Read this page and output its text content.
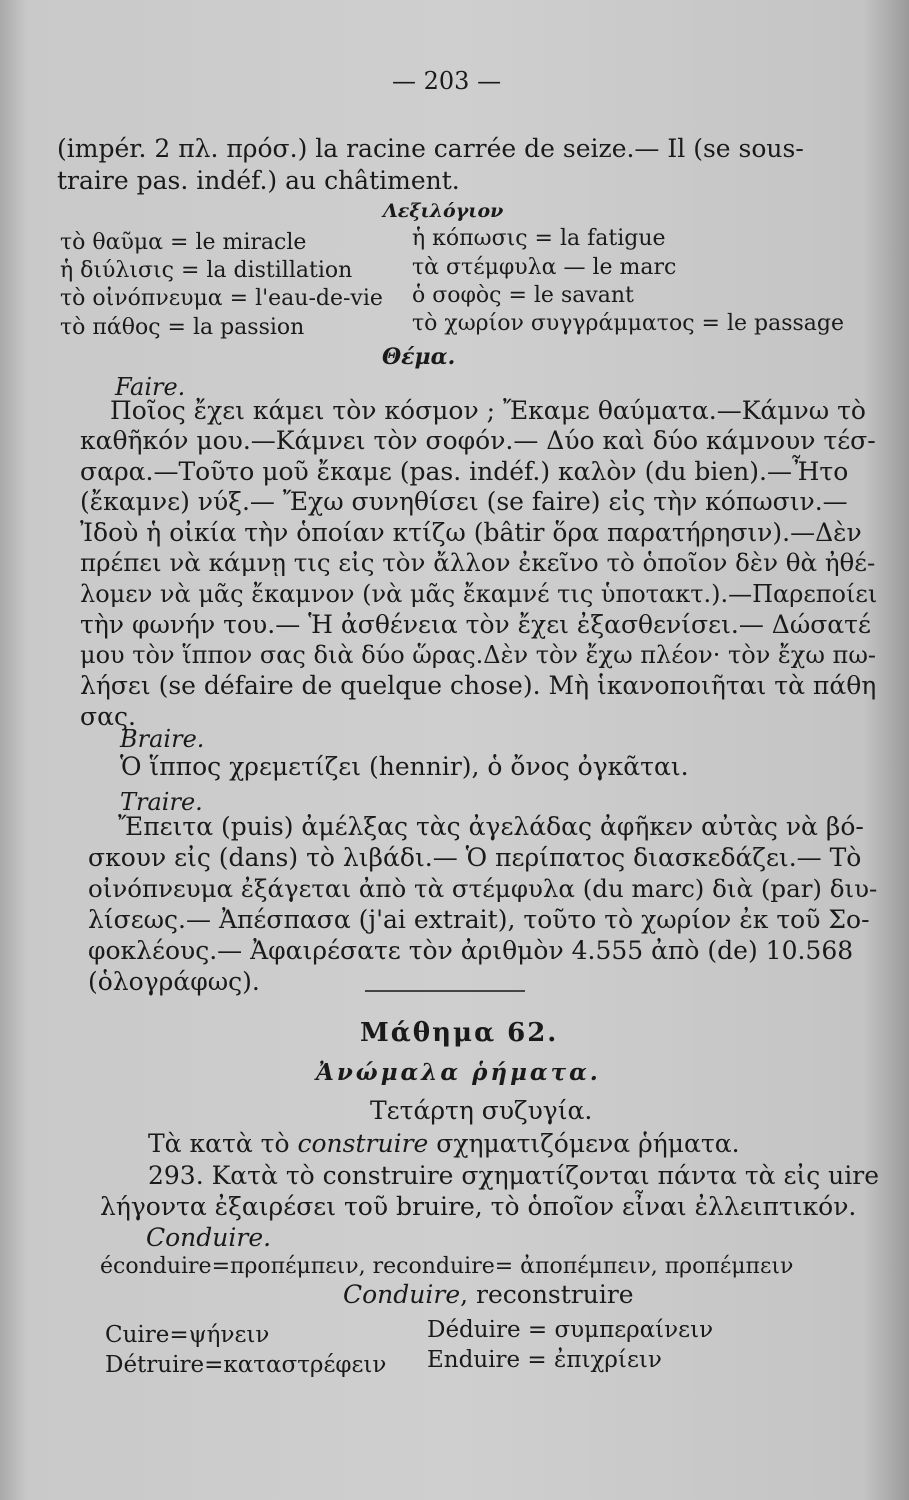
— 203 —
(impér. 2 πλ. πρόσ.) la racine carrée de seize.— Il (se sous-
traire pas. indéf.) au châtiment.
Λεξιλόγιον
τὸ θαῦμα = le miracle
ἡ διύλισις = la distillation
τὸ οἰνόπνευμα = l'eau-de-vie
τὸ πάθος = la passion
ἡ κόπωσις = la fatigue
τὰ στέμφυλα — le marc
ὁ σοφὸς = le savant
τὸ χωρίον συγγράμματος = le passage
Θέμα.
Faire.
Ποῖος ἔχει κάμει τὸν κόσμον ; Ἔκαμε θαύματα.—Κάμνω τὸ
καθῆκόν μου.—Κάμνει τὸν σοφόν.— Δύο καὶ δύο κάμνουν τέσ-
σαρα.—Τοῦτο μοῦ ἔκαμε (pas. indéf.) καλὸν (du bien).—Ἦτο
(ἔκαμνε) νύξ.— Ἔχω συνηθίσει (se faire) εἰς τὴν κόπωσιν.—
Ἰδοὺ ἡ οἰκία τὴν ὁποίαν κτίζω (bâtir ὅρα παρατήρησιν).—Δὲν
πρέπει νὰ κάμνῃ τις εἰς τὸν ἄλλον ἐκεῖνο τὸ ὁποῖον δὲν θὰ ἠθέ-
λομεν νὰ μᾶς ἔκαμνον (νὰ μᾶς ἔκαμνέ τις ὑποτακτ.).—Παρεποίει
τὴν φωνήν του.— Ἡ ἀσθένεια τὸν ἔχει ἐξασθενίσει.— Δώσατέ
μου τὸν ἵππον σας διὰ δύο ὥρας.Δὲν τὸν ἔχω πλέον· τὸν ἔχω πω-
λήσει (se défaire de quelque chose). Μὴ ἱκανοποιῆται τὰ πάθη
σας.
Braire.
Ὁ ἵππος χρεμετίζει (hennir), ὁ ὄνος ὀγκᾶται.
Traire.
Ἔπειτα (puis) ἀμέλξας τὰς ἀγελάδας ἀφῆκεν αὐτὰς νὰ βό-
σκουν εἰς (dans) τὸ λιβάδι.— Ὁ περίπατος διασκεδάζει.— Τὸ
οἰνόπνευμα ἐξάγεται ἀπὸ τὰ στέμφυλα (du marc) διὰ (par) διυ-
λίσεως.— Ἀπέσπασα (j'ai extrait), τοῦτο τὸ χωρίον ἐκ τοῦ Σο-
φοκλέους.— Ἀφαιρέσατε τὸν ἀριθμὸν 4.555 ἀπὸ (de) 10.568
(ὁλογράφως).
Μάθημα 62.
Ἀνώμαλα ῥήματα.
Τετάρτη συζυγία.
Τὰ κατὰ τὸ construire σχηματιζόμενα ῥήματα.
293. Κατὰ τὸ construire σχηματίζονται πάντα τὰ εἰς uire
λήγοντα ἐξαιρέσει τοῦ bruire, τὸ ὁποῖον εἶναι ἐλλειπτικόν.
Conduire.
éconduire=προπέμπειν, reconduire= ἀποπέμπειν, προπέμπειν
Conduire, reconstruire
Cuire=ψήνειν	Déduire = συμπεραίνειν
Détruire=καταστρέφειν Enduire = ἐπιχρίειν
